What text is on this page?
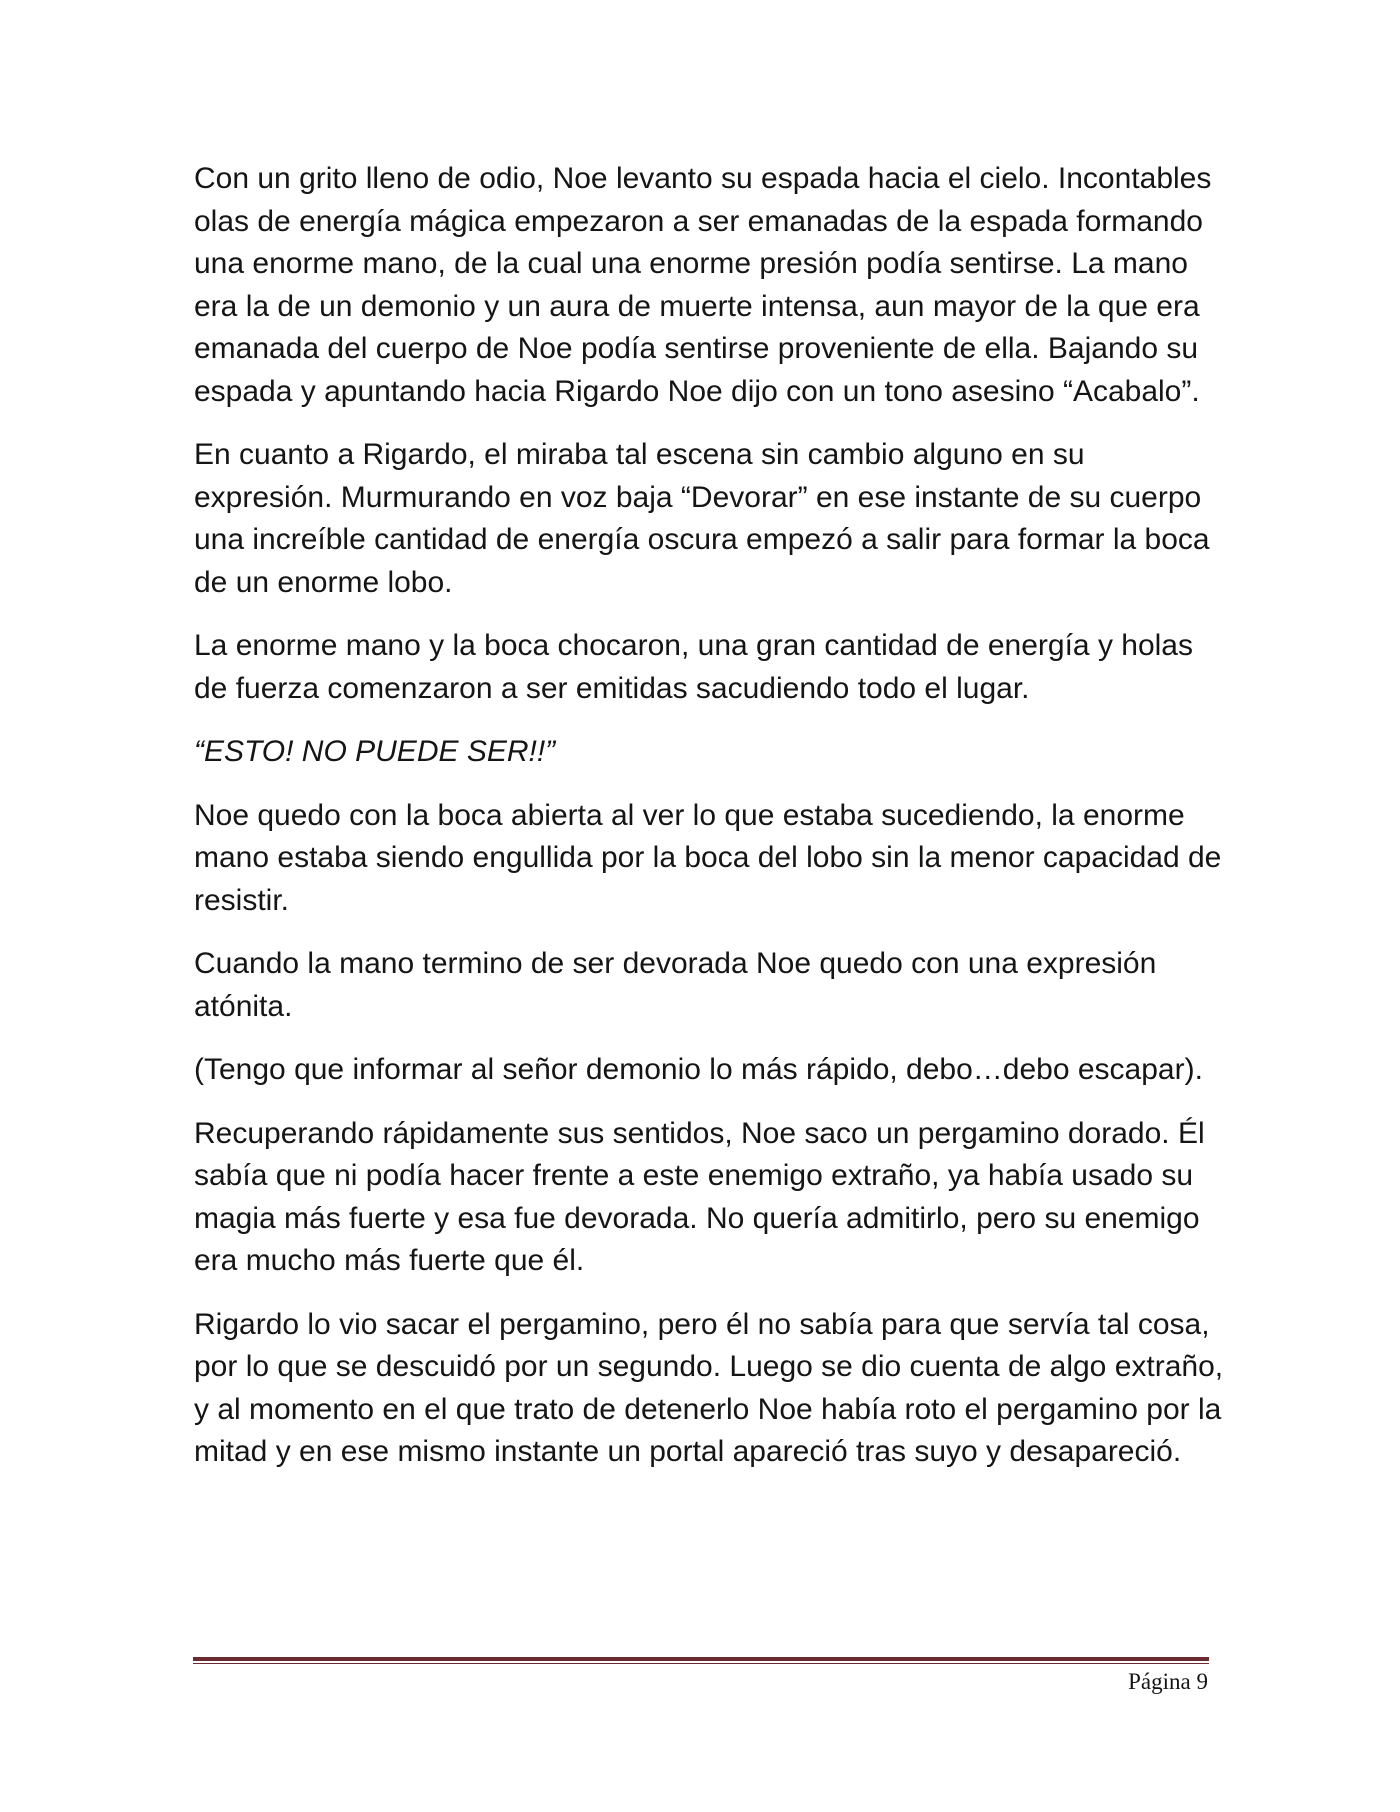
Con un grito lleno de odio, Noe levanto su espada hacia el cielo. Incontables olas de energía mágica empezaron a ser emanadas de la espada formando una enorme mano, de la cual una enorme presión podía sentirse. La mano era la de un demonio y un aura de muerte intensa, aun mayor de la que era emanada del cuerpo de Noe podía sentirse proveniente de ella. Bajando su espada y apuntando hacia Rigardo Noe dijo con un tono asesino “Acabalo”.

En cuanto a Rigardo, el miraba tal escena sin cambio alguno en su expresión. Murmurando en voz baja “Devorar” en ese instante de su cuerpo una increíble cantidad de energía oscura empezó a salir para formar la boca de un enorme lobo.

La enorme mano y la boca chocaron, una gran cantidad de energía y holas de fuerza comenzaron a ser emitidas sacudiendo todo el lugar.

“ESTO! NO PUEDE SER!!”

Noe quedo con la boca abierta al ver lo que estaba sucediendo, la enorme mano estaba siendo engullida por la boca del lobo sin la menor capacidad de resistir.

Cuando la mano termino de ser devorada Noe quedo con una expresión atónita.

(Tengo que informar al señor demonio lo más rápido, debo…debo escapar).

Recuperando rápidamente sus sentidos, Noe saco un pergamino dorado. Él sabía que ni podía hacer frente a este enemigo extraño, ya había usado su magia más fuerte y esa fue devorada. No quería admitirlo, pero su enemigo era mucho más fuerte que él.

Rigardo lo vio sacar el pergamino, pero él no sabía para que servía tal cosa, por lo que se descuidó por un segundo. Luego se dio cuenta de algo extraño, y al momento en el que trato de detenerlo Noe había roto el pergamino por la mitad y en ese mismo instante un portal apareció tras suyo y desapareció.

Página 9
